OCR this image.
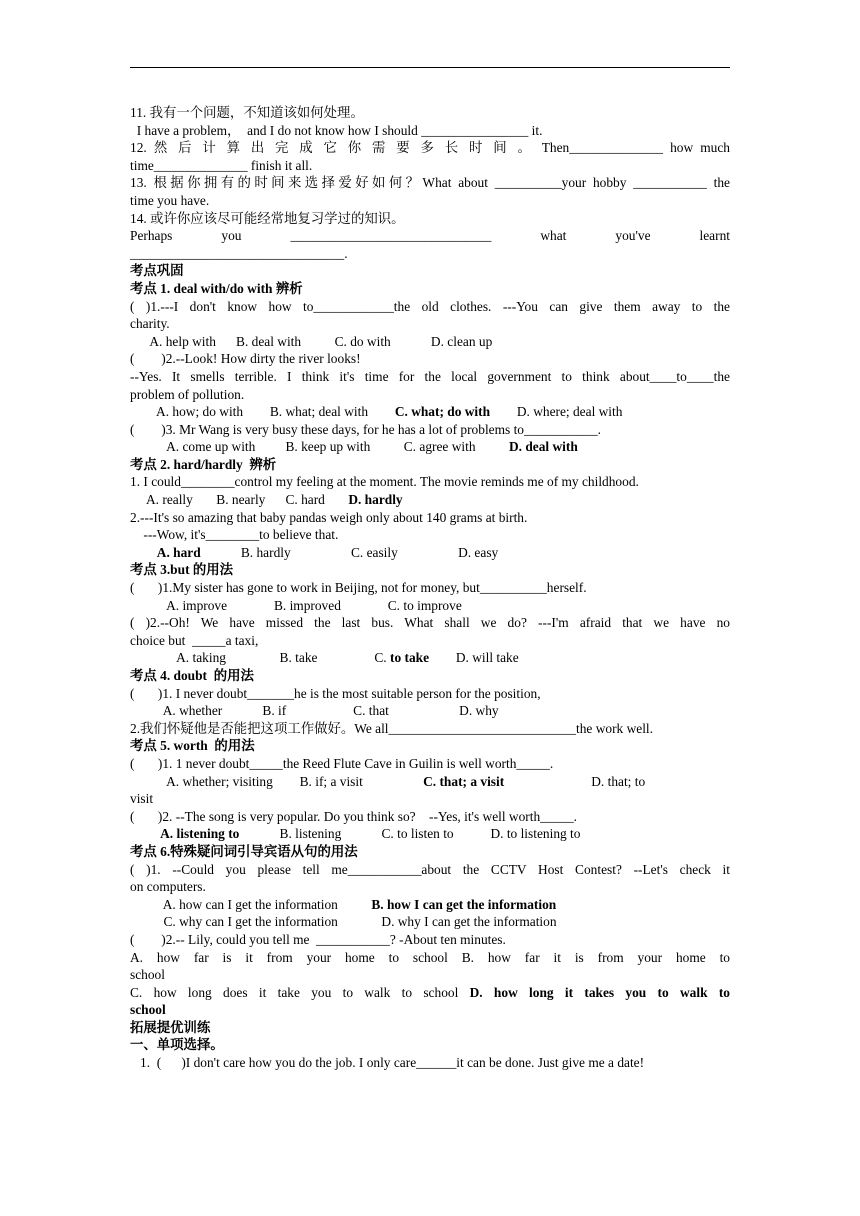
11. 我有一个问题，不知道该如何处理。
I have a problem，  and I do not know how I should ________________ it.
12. 然 后 计 算 出 完 成 它 你 需 要 多 长 时 间 。 Then______________ how much
time______________ finish it all.
13. 根据你拥有的时间来选择爱好如何？What about __________your hobby ___________ the
time you have.
14. 或许你应该尽可能经常地复习学过的知识。
Perhaps you ______________________________ what you've learnt
________________________________.
考点巩固
考点 1. deal with/do with 辨析
( )1.---I don't know how to____________the old clothes. ---You can give them away to the
charity.
A. help with      B. deal with          C. do with            D. clean up
(        )2.--Look! How dirty the river looks!
--Yes. It smells terrible. I think it's time for the local government to think about____to____the
problem of pollution.
A. how; do with        B. what; deal with        C. what; do with        D. where; deal with
(        )3. Mr Wang is very busy these days, for he has a lot of problems to___________.
A. come up with         B. keep up with          C. agree with          D. deal with
考点 2. hard/hardly  辨析
1. I could________control my feeling at the moment. The movie reminds me of my childhood.
A. really       B. nearly      C. hard       D. hardly
2.---It's so amazing that baby pandas weigh only about 140 grams at birth.
---Wow, it's________to believe that.
A. hard            B. hardly                  C. easily                  D. easy
考点 3.but 的用法
(       )1.My sister has gone to work in Beijing, not for money, but__________herself.
A. improve              B. improved              C. to improve
( )2.--Oh! We have missed the last bus. What shall we do? ---I'm afraid that we have no
choice but  _____a taxi,
A. taking                B. take                 C. to take        D. will take
考点 4. doubt  的用法
(       )1. I never doubt_______he is the most suitable person for the position,
A. whether            B. if                    C. that                     D. why
2.我们怀疑他是否能把这项工作做好。We all____________________________the work well.
考点 5. worth  的用法
(       )1. 1 never doubt_____the Reed Flute Cave in Guilin is well worth_____.
A. whether; visiting        B. if; a visit                  C. that; a visit                          D. that; to
visit
(       )2. --The song is very popular. Do you think so?    --Yes, it's well worth_____.
A. listening to            B. listening            C. to listen to           D. to listening to
考点 6.特殊疑问词引导宾语从句的用法
( )1. --Could you please tell me___________about the CCTV Host Contest? --Let's check it
on computers.
A. how can I get the information          B. how I can get the information
C. why can I get the information             D. why I can get the information
(        )2.-- Lily, could you tell me  ___________? -About ten minutes.
A. how far is it from your home to school B. how far it is from your home to
school
C. how long does it take you to walk to school D. how long it takes you to walk to
school
拓展提优训练
一、单项选择。
1.  (      )I don't care how you do the job. I only care______it can be done. Just give me a date!
